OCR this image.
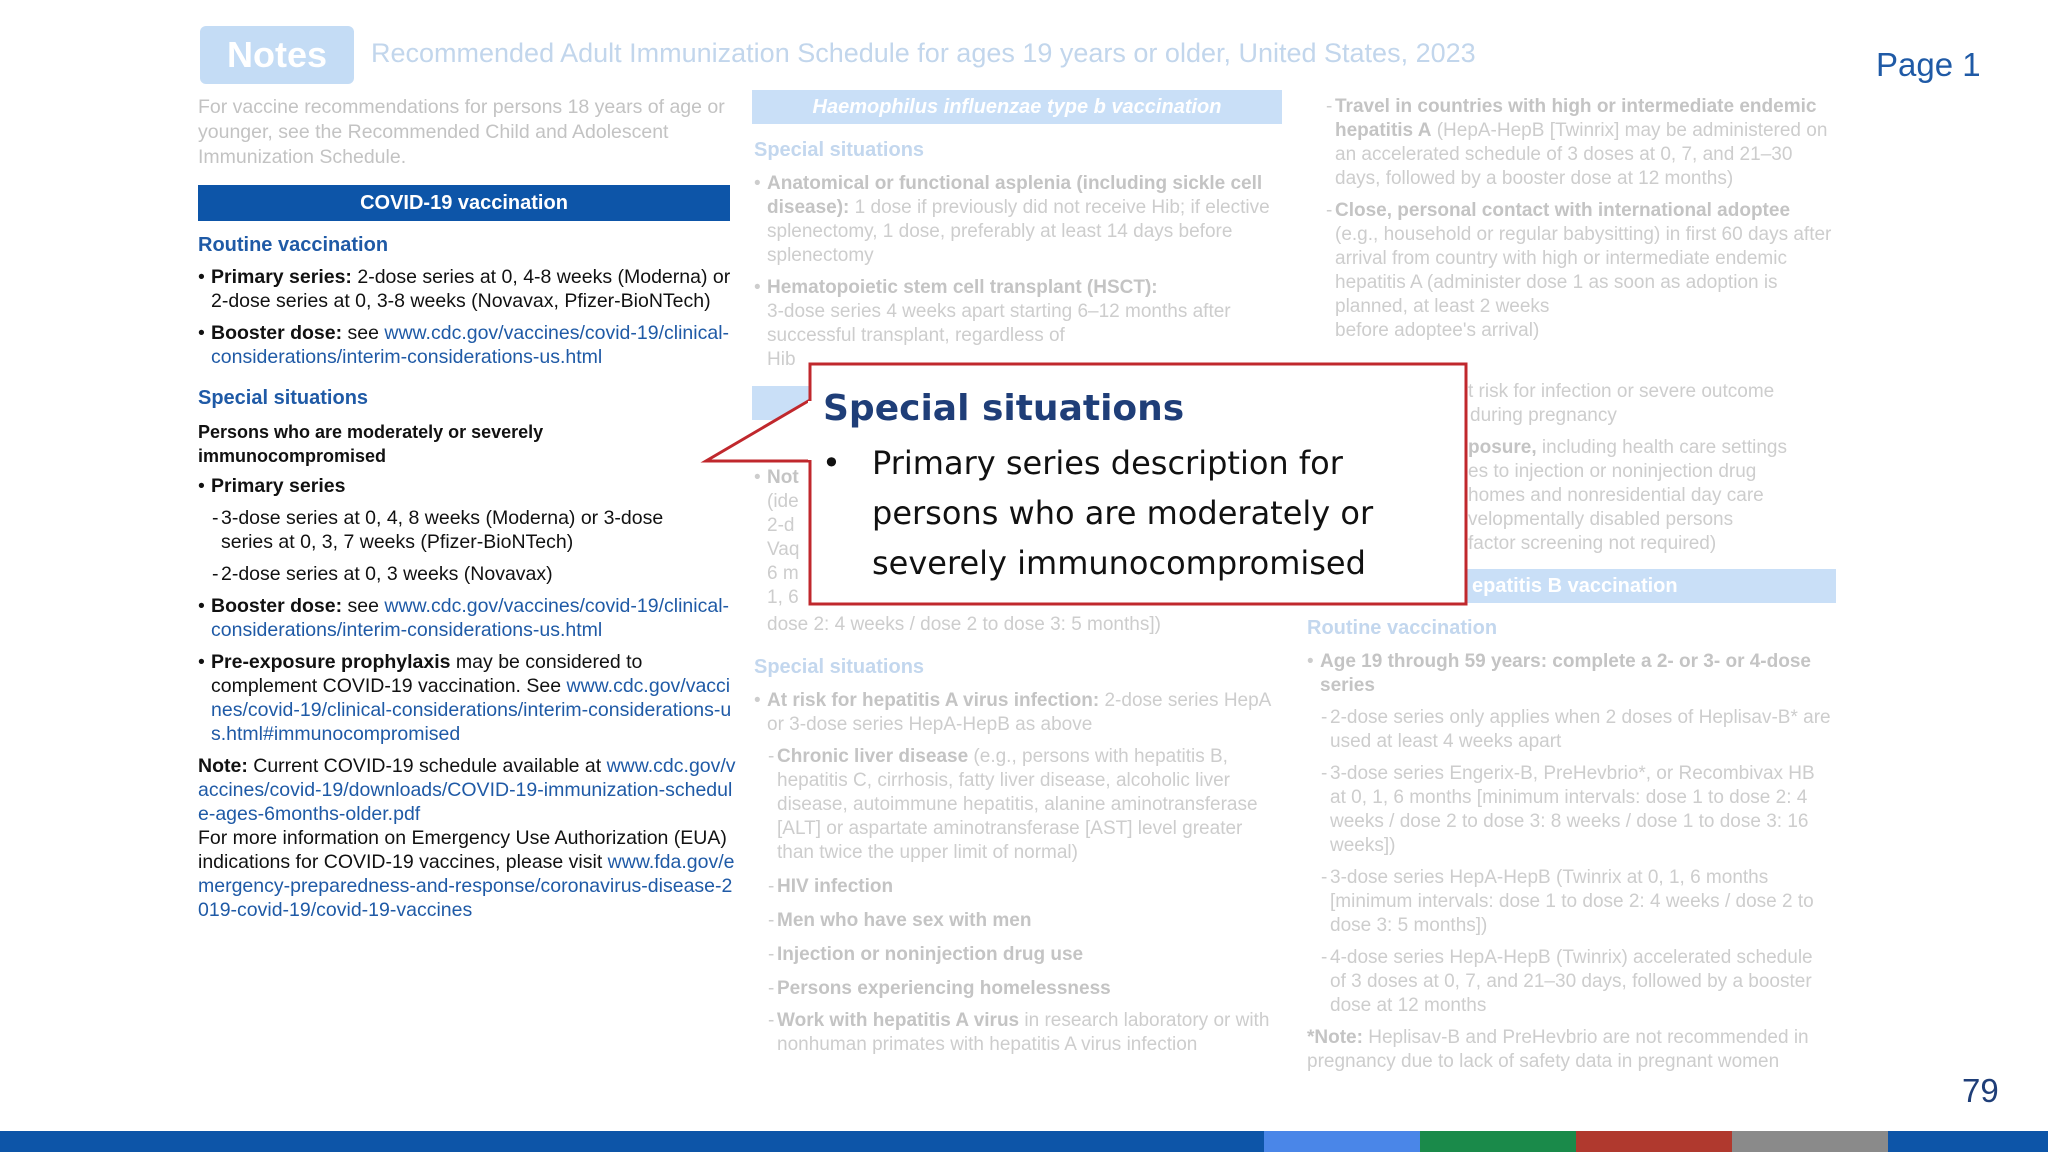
Notes	Recommended Adult Immunization Schedule for ages 19 years or older, United States, 2023	Page 1
For vaccine recommendations for persons 18 years of age or younger, see the Recommended Child and Adolescent Immunization Schedule.
COVID-19 vaccination
Routine vaccination
• Primary series: 2-dose series at 0, 4-8 weeks (Moderna) or 2-dose series at 0, 3-8 weeks (Novavax, Pfizer-BioNTech)
• Booster dose: see www.cdc.gov/vaccines/covid-19/clinical-considerations/interim-considerations-us.html
Special situations
Persons who are moderately or severely immunocompromised
• Primary series
- 3-dose series at 0, 4, 8 weeks (Moderna) or 3-dose series at 0, 3, 7 weeks (Pfizer-BioNTech)
- 2-dose series at 0, 3 weeks (Novavax)
• Booster dose: see www.cdc.gov/vaccines/covid-19/clinical-considerations/interim-considerations-us.html
• Pre-exposure prophylaxis may be considered to complement COVID-19 vaccination. See www.cdc.gov/vaccines/covid-19/clinical-considerations/interim-considerations-us.html#immunocompromised
Note: Current COVID-19 schedule available at www.cdc.gov/vaccines/covid-19/downloads/COVID-19-immunization-schedule-ages-6months-older.pdf
For more information on Emergency Use Authorization (EUA) indications for COVID-19 vaccines, please visit www.fda.gov/emergency-preparedness-and-response/coronavirus-disease-2019-covid-19/covid-19-vaccines
Haemophilus influenzae type b vaccination
Special situations
• Anatomical or functional asplenia (including sickle cell disease): 1 dose if previously did not receive Hib; if elective splenectomy, 1 dose, preferably at least 14 days before splenectomy
• Hematopoietic stem cell transplant (HSCT):
3-dose series 4 weeks apart starting 6–12 months after successful transplant, regardless of
Hib
• Not
(ide
2-d
Vaq
6 m
1, 6
dose 2: 4 weeks / dose 2 to dose 3: 5 months])
Special situations
• At risk for hepatitis A virus infection: 2-dose series HepA or 3-dose series HepA-HepB as above
- Chronic liver disease (e.g., persons with hepatitis B, hepatitis C, cirrhosis, fatty liver disease, alcoholic liver disease, autoimmune hepatitis, alanine aminotransferase [ALT] or aspartate aminotransferase [AST] level greater than twice the upper limit of normal)
- HIV infection
- Men who have sex with men
- Injection or noninjection drug use
- Persons experiencing homelessness
- Work with hepatitis A virus in research laboratory or with nonhuman primates with hepatitis A virus infection
- Travel in countries with high or intermediate endemic hepatitis A (HepA-HepB [Twinrix] may be administered on an accelerated schedule of 3 doses at 0, 7, and 21–30 days, followed by a booster dose at 12 months)
- Close, personal contact with international adoptee (e.g., household or regular babysitting) in first 60 days after arrival from country with high or intermediate endemic hepatitis A (administer dose 1 as soon as adoption is planned, at least 2 weeks
before adoptee's arrival)
t risk for infection or severe outcome
during pregnancy
posure, including health care settings
es to injection or noninjection drug
homes and nonresidential day care
velopmentally disabled persons
factor screening not required)
epatitis B vaccination
Routine vaccination
• Age 19 through 59 years: complete a 2- or 3- or 4-dose series
- 2-dose series only applies when 2 doses of Heplisav-B* are used at least 4 weeks apart
- 3-dose series Engerix-B, PreHevbrio*, or Recombivax HB at 0, 1, 6 months [minimum intervals: dose 1 to dose 2: 4 weeks / dose 2 to dose 3: 8 weeks / dose 1 to dose 3: 16 weeks])
- 3-dose series HepA-HepB (Twinrix at 0, 1, 6 months [minimum intervals: dose 1 to dose 2: 4 weeks / dose 2 to dose 3: 5 months])
- 4-dose series HepA-HepB (Twinrix) accelerated schedule of 3 doses at 0, 7, and 21–30 days, followed by a booster dose at 12 months
*Note: Heplisav-B and PreHevbrio are not recommended in pregnancy due to lack of safety data in pregnant women
Special situations
• Primary series description for persons who are moderately or severely immunocompromised
79
